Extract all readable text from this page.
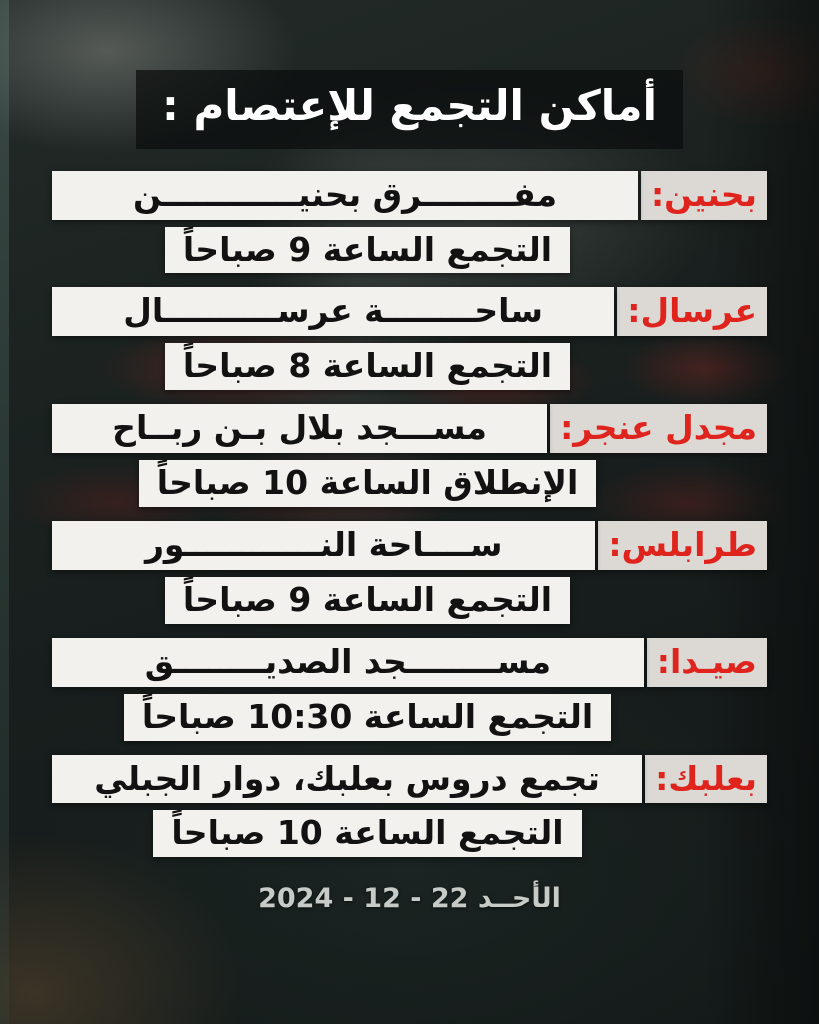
أماكن التجمع للإعتصام :
بحنين:
مفــــــــرق بحنيــــــــــــن
التجمع الساعة 9 صباحاً
عرسال:
ساحــــــــة عرســــــــــال
التجمع الساعة 8 صباحاً
مجدل عنجر:
مســـجد بلال بـن ربــاح
الإنطلاق الساعة 10 صباحاً
طرابلس:
ســــاحة النــــــــــــور
التجمع الساعة 9 صباحاً
صيـدا:
مســــــــجد الصديــــــــق
التجمع الساعة 10:30 صباحاً
بعلبك:
تجمع دروس بعلبك، دوار الجبلي
التجمع الساعة 10 صباحاً
الأحــد 22 - 12 - 2024
